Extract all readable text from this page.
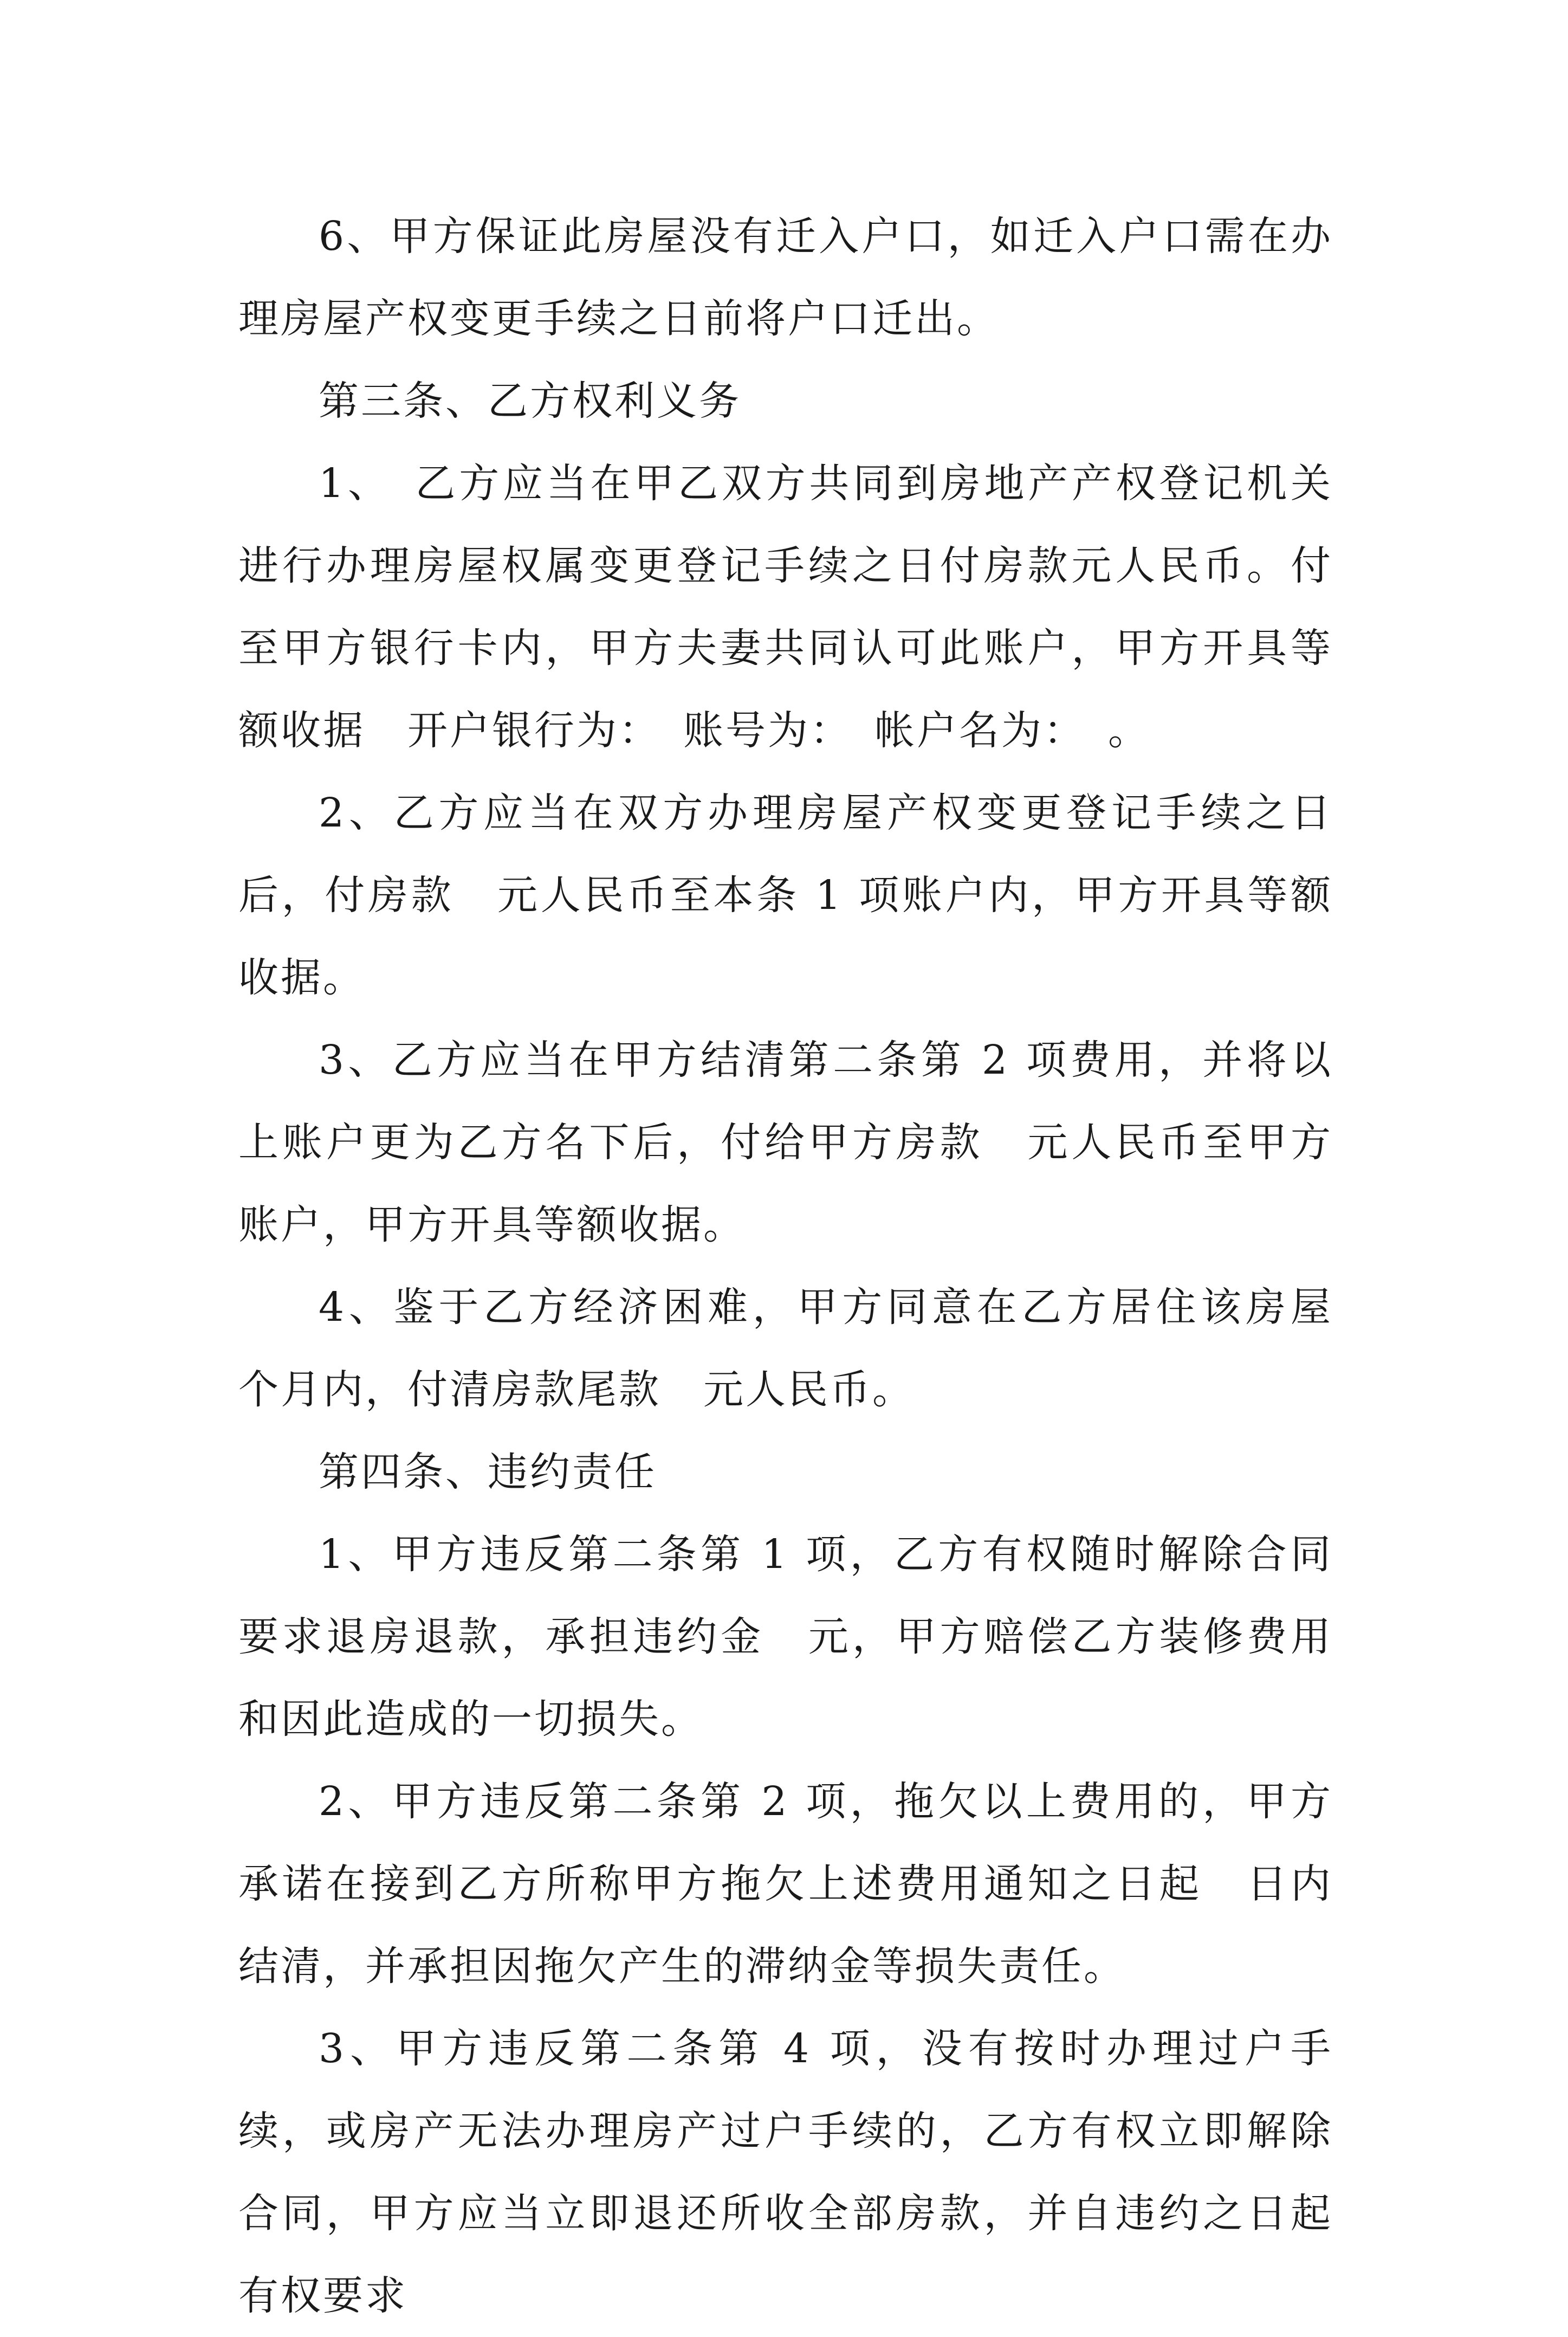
6、甲方保证此房屋没有迁入户口，如迁入户口需在办理房屋产权变更手续之日前将户口迁出。

第三条、乙方权利义务

1、　乙方应当在甲乙双方共同到房地产产权登记机关进行办理房屋权属变更登记手续之日付房款元人民币。付至甲方银行卡内，甲方夫妻共同认可此账户，甲方开具等额收据　开户银行为：　账号为：　帐户名为：　。

2、乙方应当在双方办理房屋产权变更登记手续之日后，付房款　元人民币至本条 1 项账户内，甲方开具等额收据。

3、乙方应当在甲方结清第二条第 2 项费用，并将以上账户更为乙方名下后，付给甲方房款　元人民币至甲方账户，甲方开具等额收据。

4、鉴于乙方经济困难，甲方同意在乙方居住该房屋　个月内，付清房款尾款　元人民币。

第四条、违约责任

1、甲方违反第二条第 1 项，乙方有权随时解除合同要求退房退款，承担违约金　元，甲方赔偿乙方装修费用和因此造成的一切损失。

2、甲方违反第二条第 2 项，拖欠以上费用的，甲方承诺在接到乙方所称甲方拖欠上述费用通知之日起　日内结清，并承担因拖欠产生的滞纳金等损失责任。

3、甲方违反第二条第 4 项，没有按时办理过户手续，或房产无法办理房产过户手续的，乙方有权立即解除合同，甲方应当立即退还所收全部房款，并自违约之日起有权要求
